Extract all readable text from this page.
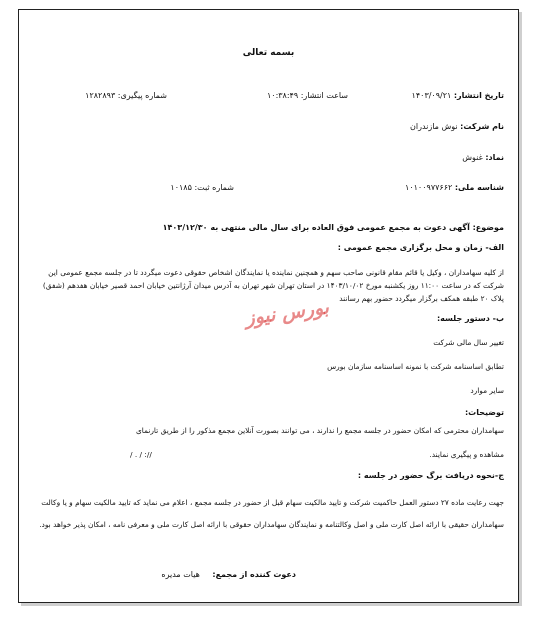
بسمه تعالی
تاریخ انتشار: ۱۴۰۳/۰۹/۲۱
ساعت انتشار: ۱۰:۳۸:۴۹
شماره پیگیری: ۱۲۸۲۸۹۳
نام شرکت: نوش مازندران
نماد: غنوش
شناسه ملی: ۱۰۱۰۰۹۷۷۶۶۲
شماره ثبت: ۱۰۱۸۵
موضوع: آگهی دعوت به مجمع عمومی فوق العاده برای سال مالی منتهی به ۱۴۰۳/۱۲/۳۰
الف- زمان و محل برگزاری مجمع عمومی :
از کلیه سهامداران ، وکیل یا قائم مقام قانونی صاحب سهم و همچنین نماینده یا نمایندگان اشخاص حقوقی دعوت میگردد تا در جلسه مجمع عمومی این شرکت که در ساعت ۱۱:۰۰ روز یکشنبه مورخ ۱۴۰۳/۱۰/۰۲ در استان تهران شهر تهران به آدرس میدان آرژانتین خیابان احمد قصیر خیابان هفدهم (شفق) پلاک ۲۰ طبقه همکف برگزار میگردد حضور بهم رسانند
ب- دستور جلسه:
تغییر سال مالی شرکت
تطابق اساسنامه شرکت با نمونه اساسنامه سازمان بورس
سایر موارد
توضیحات:
سهامداران محترمی که امکان حضور در جلسه مجمع را ندارند ، می توانند بصورت آنلاین مجمع مذکور را از طریق تارنمای
مشاهده و پیگیری نمایند.
/ . / ://
ج-نحوه دریافت برگ حضور در جلسه :
جهت رعایت ماده ۲۷ دستور العمل حاکمیت شرکت و تایید مالکیت سهام قبل از حضور در جلسه مجمع ، اعلام می نماید که تایید مالکیت سهام و یا وکالت سهامداران حقیقی با ارائه اصل کارت ملی و اصل وکالتنامه و نمایندگان سهامداران حقوقی با ارائه اصل کارت ملی و معرفی نامه ، امکان پذیر خواهد بود.
دعوت کننده از مجمع: هیات مدیره
بورس نیوز
